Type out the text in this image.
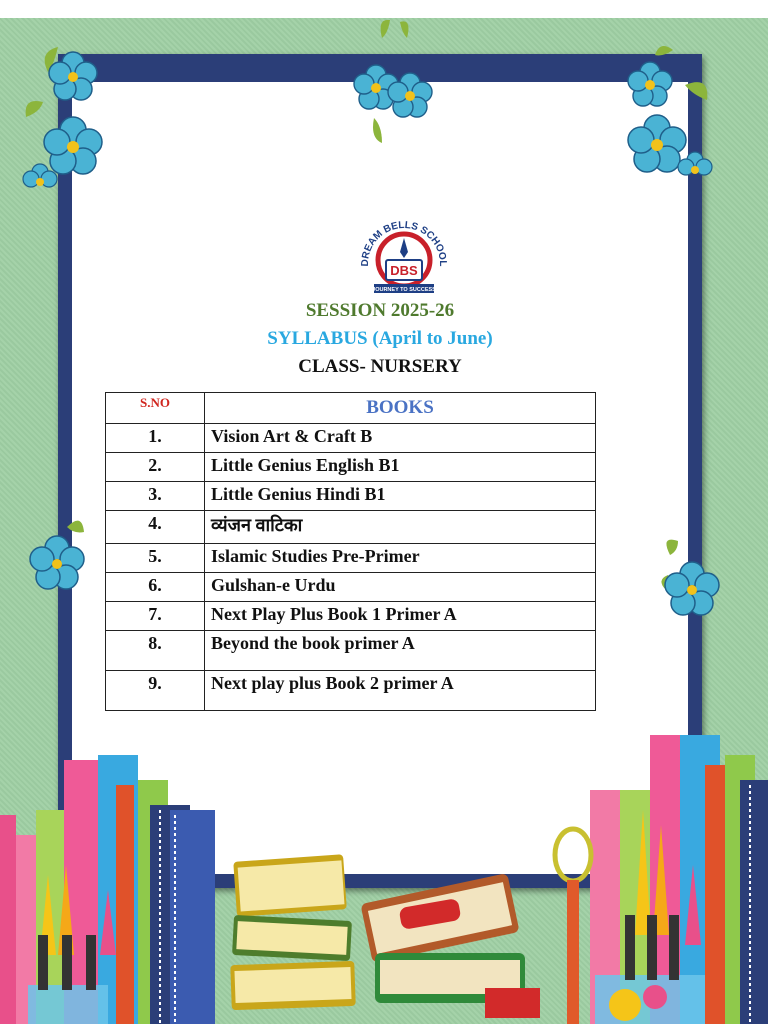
DREAM BELLS SCHOOL
DBS
JOURNEY TO SUCCESS
SESSION 2025-26
SYLLABUS (April to June)
CLASS- NURSERY
S.NO	BOOKS
1.	Vision Art & Craft B
2.	Little Genius English B1
3.	Little Genius Hindi B1
4.	व्यंजन वाटिका
5.	Islamic Studies Pre-Primer
6.	Gulshan-e Urdu
7.	Next Play Plus Book 1 Primer A
8.	Beyond the book primer A
9.	Next play plus Book 2 primer A
